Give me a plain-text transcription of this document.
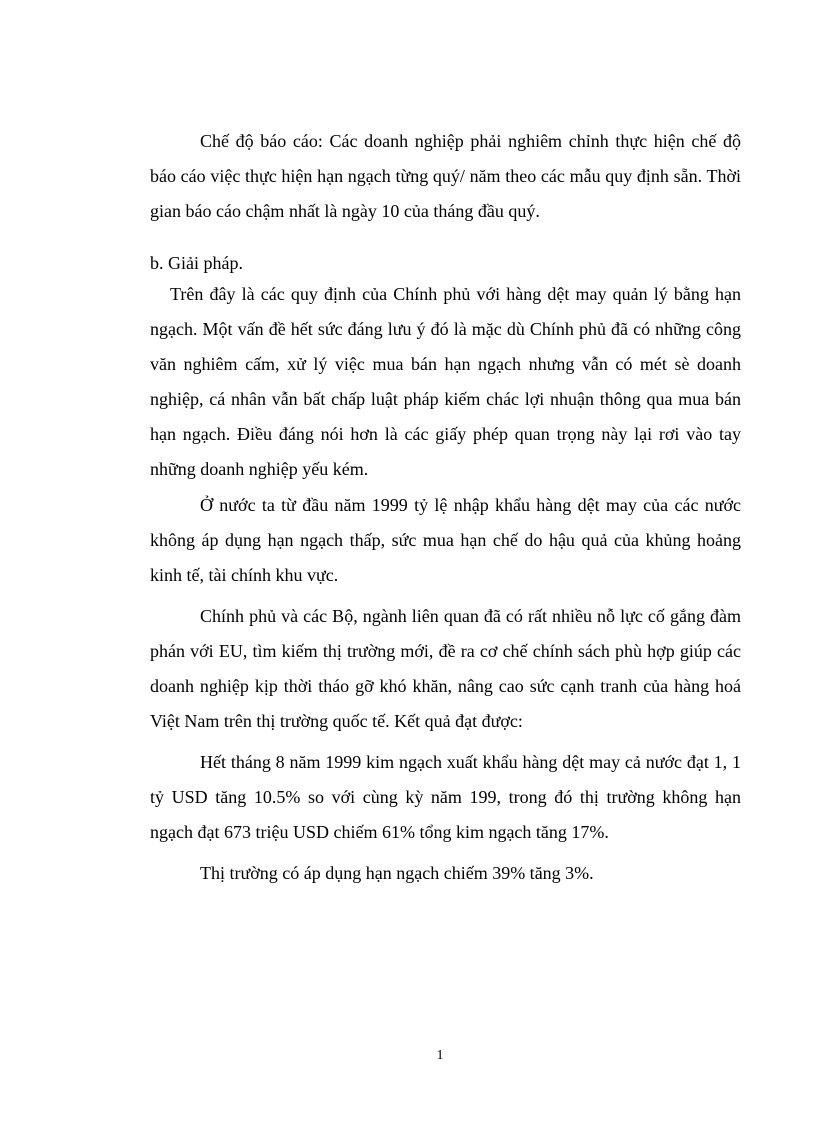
Chế độ báo cáo: Các doanh nghiệp phải nghiêm chỉnh thực hiện chế độ báo cáo việc thực hiện hạn ngạch từng quý/ năm theo các mẫu quy định sẵn. Thời gian báo cáo chậm nhất là ngày 10 của tháng đầu quý.

b. Giải pháp.

Trên đây là các quy định của Chính phủ với hàng dệt may quản lý bằng hạn ngạch. Một vấn đề hết sức đáng lưu ý đó là mặc dù Chính phủ đã có những công văn nghiêm cấm, xử lý việc mua bán hạn ngạch nhưng vẫn có mét sè doanh nghiệp, cá nhân vẫn bất chấp luật pháp kiếm chác lợi nhuận thông qua mua bán hạn ngạch. Điều đáng nói hơn là các giấy phép quan trọng này lại rơi vào tay những doanh nghiệp yếu kém.

Ở nước ta từ đầu năm 1999 tỷ lệ nhập khẩu hàng dệt may của các nước không áp dụng hạn ngạch thấp, sức mua hạn chế do hậu quả của khủng hoảng kinh tế, tài chính khu vực.

Chính phủ và các Bộ, ngành liên quan đã có rất nhiều nỗ lực cố gắng đàm phán với EU, tìm kiếm thị trường mới, đề ra cơ chế chính sách phù hợp giúp các doanh nghiệp kịp thời tháo gỡ khó khăn, nâng cao sức cạnh tranh của hàng hoá Việt Nam trên thị trường quốc tế. Kết quả đạt được:

Hết tháng 8 năm 1999 kim ngạch xuất khẩu hàng dệt may cả nước đạt 1, 1 tỷ USD tăng 10.5% so với cùng kỳ năm 199, trong đó thị trường không hạn ngạch đạt 673 triệu USD chiếm 61% tổng kim ngạch tăng 17%.

Thị trường có áp dụng hạn ngạch chiếm 39% tăng 3%.

1
